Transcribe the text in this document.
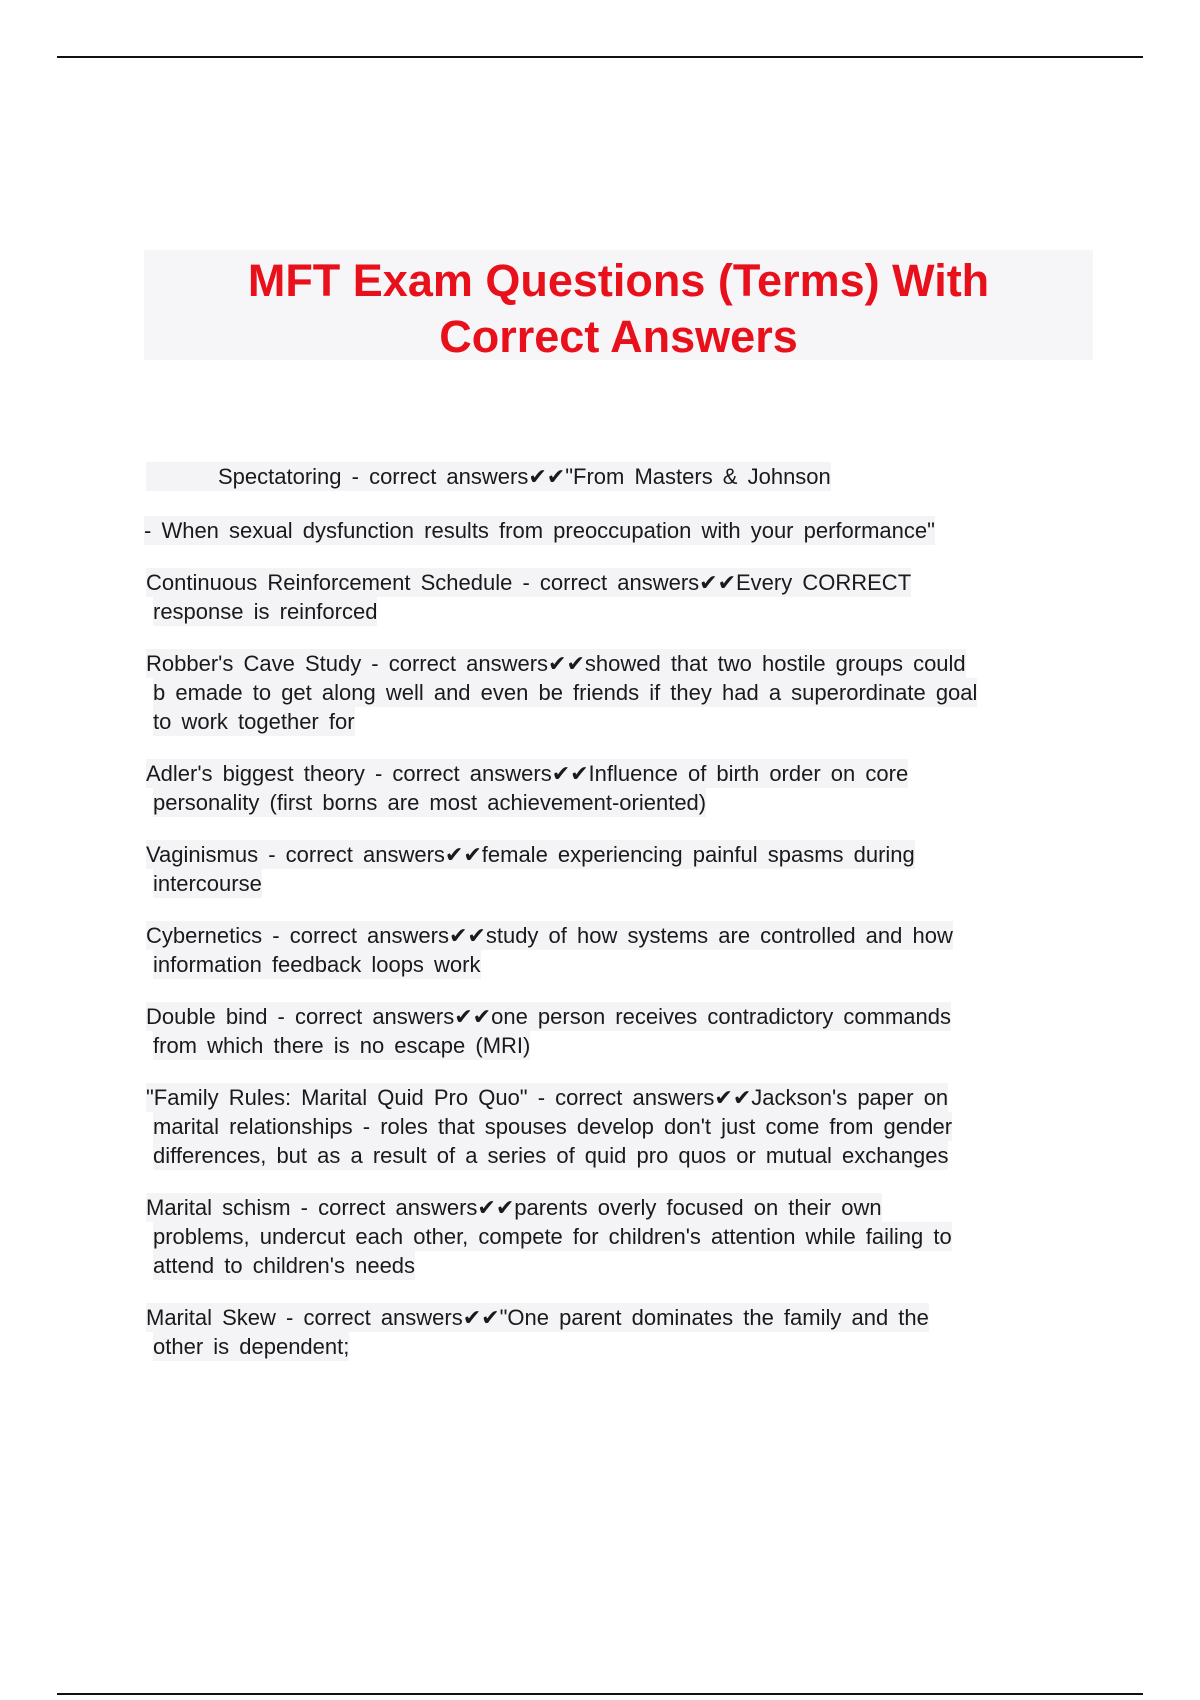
MFT Exam Questions (Terms) With
Correct Answers
Spectatoring - correct answers✔✔"From Masters & Johnson
- When sexual dysfunction results from preoccupation with your performance"
Continuous Reinforcement Schedule - correct answers✔✔Every CORRECT
response is reinforced
Robber's Cave Study - correct answers✔✔showed that two hostile groups could
b emade to get along well and even be friends if they had a superordinate goal
to work together for
Adler's biggest theory - correct answers✔✔Influence of birth order on core
personality (first borns are most achievement-oriented)
Vaginismus - correct answers✔✔female experiencing painful spasms during
intercourse
Cybernetics - correct answers✔✔study of how systems are controlled and how
information feedback loops work
Double bind - correct answers✔✔one person receives contradictory commands
from which there is no escape (MRI)
"Family Rules: Marital Quid Pro Quo" - correct answers✔✔Jackson's paper on
marital relationships - roles that spouses develop don't just come from gender
differences, but as a result of a series of quid pro quos or mutual exchanges
Marital schism - correct answers✔✔parents overly focused on their own
problems, undercut each other, compete for children's attention while failing to
attend to children's needs
Marital Skew - correct answers✔✔"One parent dominates the family and the
other is dependent;
